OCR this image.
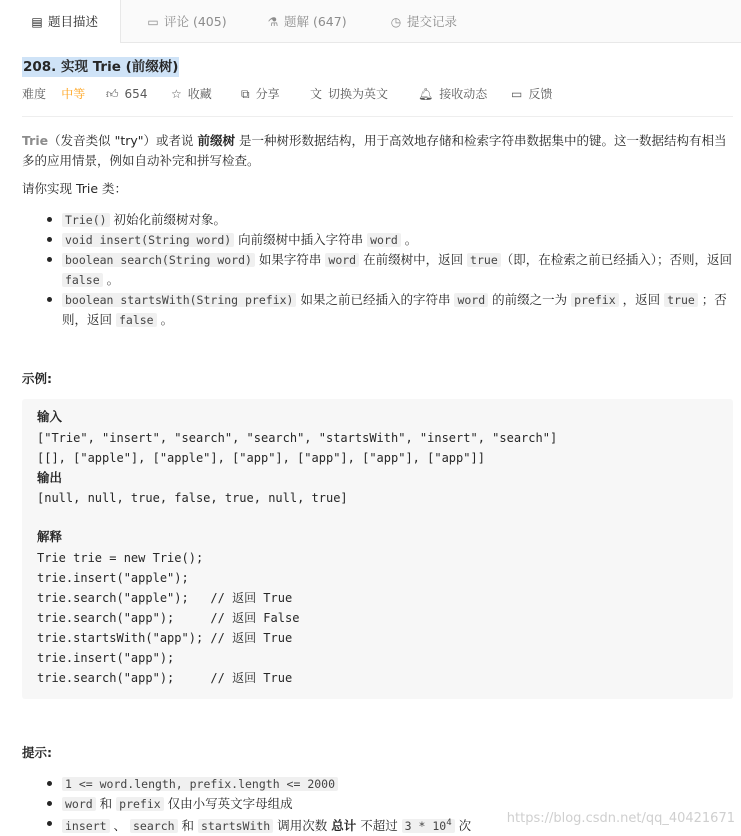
▤ 题目描述	▭ 评论 (405)	⚗ 题解 (647)	◷ 提交记录
208. 实现 Trie (前缀树)
难度 中等 👍︎ 654 ☆ 收藏 ⧉ 分享	文 切换为英文 🔔︎ 接收动态 ▭ 反馈
Trie（发音类似 "try"）或者说 前缀树 是一种树形数据结构，用于高效地存储和检索字符串数据集中的键。这一数据结构有相当多的应用情景，例如自动补完和拼写检查。
请你实现 Trie 类：
Trie() 初始化前缀树对象。
void insert(String word) 向前缀树中插入字符串 word 。
boolean search(String word) 如果字符串 word 在前缀树中，返回 true （即，在检索之前已经插入）；否则，返回 false 。
boolean startsWith(String prefix) 如果之前已经插入的字符串 word 的前缀之一为 prefix ，返回 true ；否则，返回 false 。
示例:
输入
["Trie", "insert", "search", "search", "startsWith", "insert", "search"]
[[], ["apple"], ["apple"], ["app"], ["app"], ["app"], ["app"]]
输出
[null, null, true, false, true, null, true]
解释
Trie trie = new Trie();
trie.insert("apple");
trie.search("apple");   // 返回 True
trie.search("app");     // 返回 False
trie.startsWith("app"); // 返回 True
trie.insert("app");
trie.search("app");     // 返回 True
提示:
1 <= word.length, prefix.length <= 2000
word 和 prefix 仅由小写英文字母组成
insert 、 search 和 startsWith 调用次数 总计 不超过 $3 * 10^4$ 次	https://blog.csdn.net/qq_40421671
